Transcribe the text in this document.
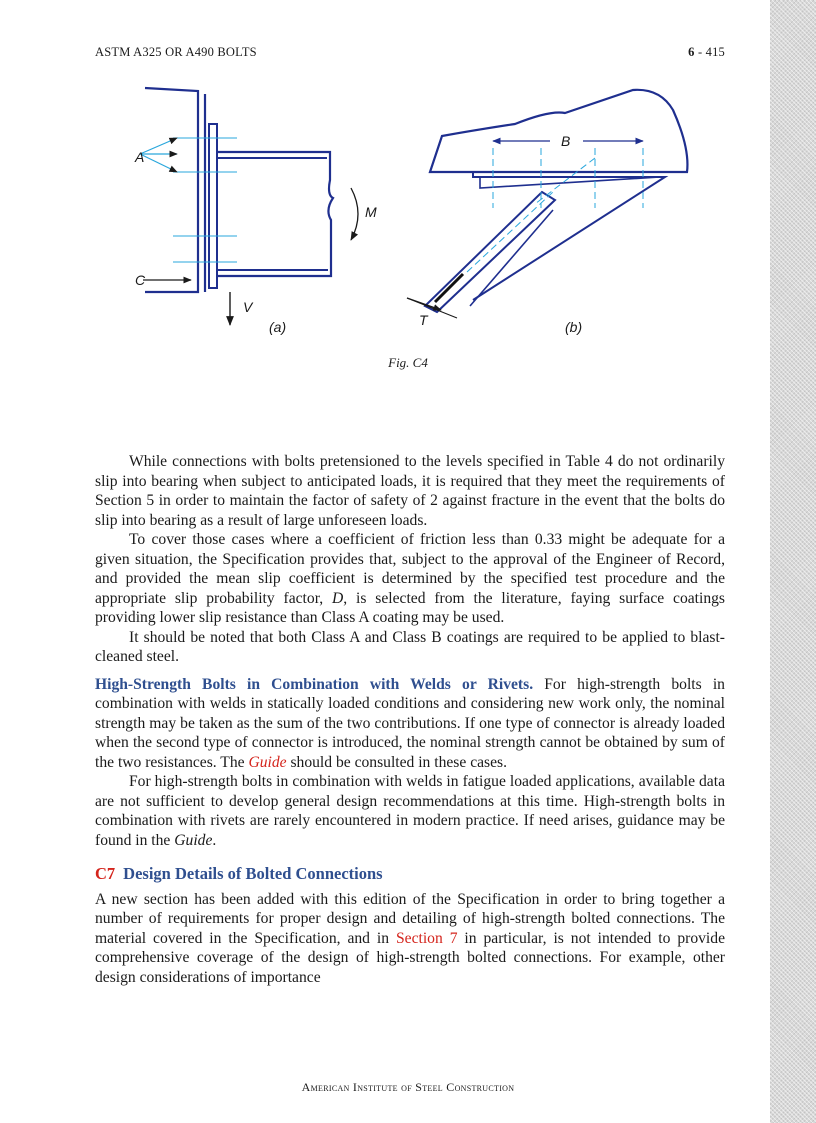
ASTM A325 OR A490 BOLTS	6 - 415
A
C
V
M
(a)
B
T	(b)
Fig. C4

While connections with bolts pretensioned to the levels specified in Table 4 do not ordinarily slip into bearing when subject to anticipated loads, it is required that they meet the requirements of Section 5 in order to maintain the factor of safety of 2 against fracture in the event that the bolts do slip into bearing as a result of large unforeseen loads.

To cover those cases where a coefficient of friction less than 0.33 might be adequate for a given situation, the Specification provides that, subject to the approval of the Engineer of Record, and provided the mean slip coefficient is determined by the specified test procedure and the appropriate slip probability factor, D, is selected from the literature, faying surface coatings providing lower slip resistance than Class A coating may be used.

It should be noted that both Class A and Class B coatings are required to be applied to blast-cleaned steel.

High-Strength Bolts in Combination with Welds or Rivets. For high-strength bolts in combination with welds in statically loaded conditions and considering new work only, the nominal strength may be taken as the sum of the two contributions. If one type of connector is already loaded when the second type of connector is introduced, the nominal strength cannot be obtained by sum of the two resistances. The Guide should be consulted in these cases.

For high-strength bolts in combination with welds in fatigue loaded applications, available data are not sufficient to develop general design recommendations at this time. High-strength bolts in combination with rivets are rarely encountered in modern practice. If need arises, guidance may be found in the Guide.

C7 Design Details of Bolted Connections

A new section has been added with this edition of the Specification in order to bring together a number of requirements for proper design and detailing of high-strength bolted connections. The material covered in the Specification, and in Section 7 in particular, is not intended to provide comprehensive coverage of the design of high-strength bolted connections. For example, other design considerations of importance

American Institute of Steel Construction
